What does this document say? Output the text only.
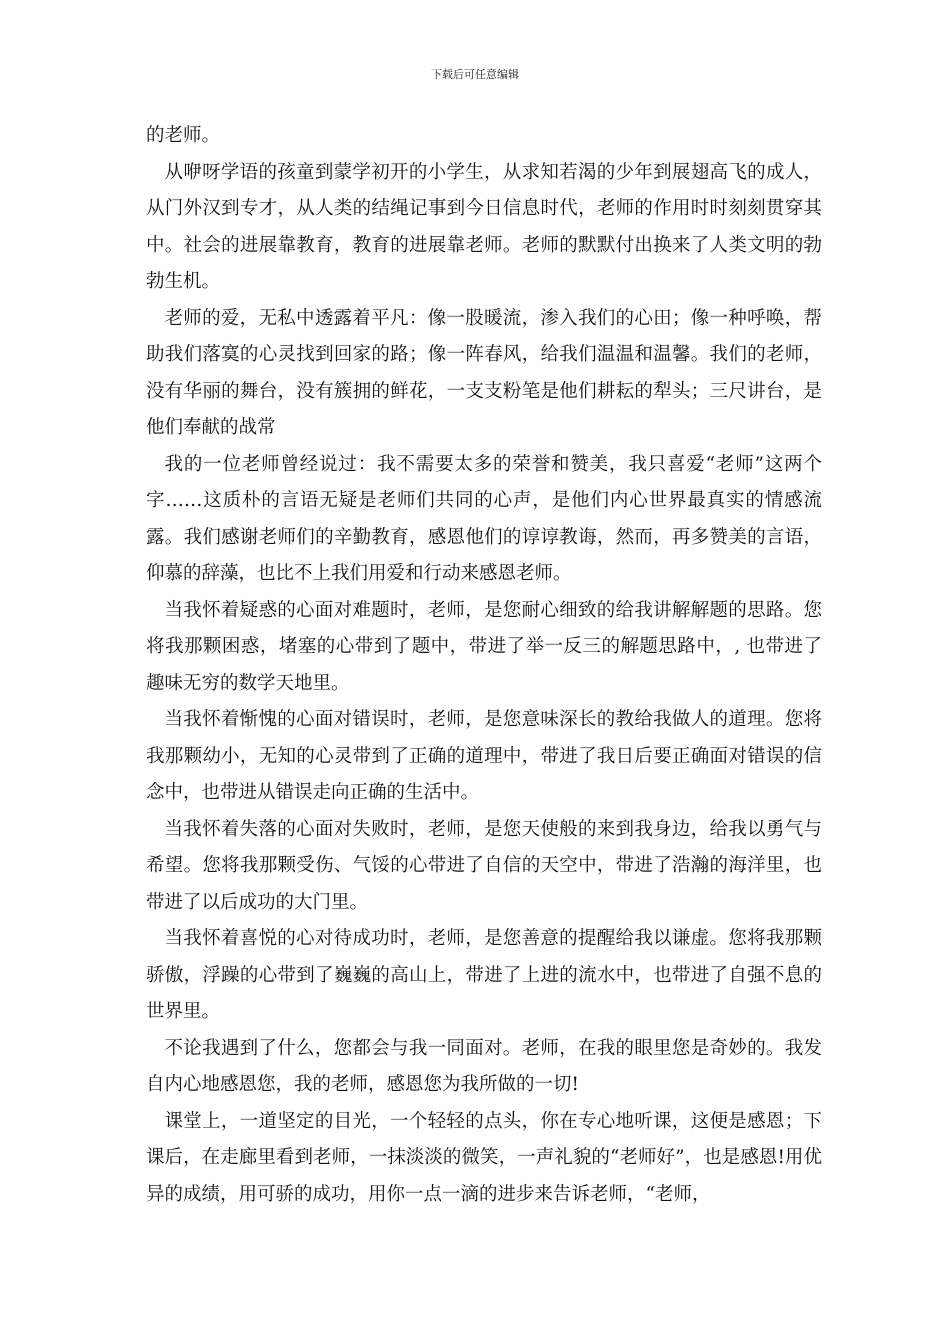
下载后可任意编辑

的老师。

从咿呀学语的孩童到蒙学初开的小学生，从求知若渴的少年到展翅高飞的成人，从门外汉到专才，从人类的结绳记事到今日信息时代，老师的作用时时刻刻贯穿其中。社会的进展靠教育，教育的进展靠老师。老师的默默付出换来了人类文明的勃勃生机。

老师的爱，无私中透露着平凡：像一股暖流，渗入我们的心田；像一种呼唤，帮助我们落寞的心灵找到回家的路；像一阵春风，给我们温温和温馨。我们的老师，没有华丽的舞台，没有簇拥的鲜花，一支支粉笔是他们耕耘的犁头；三尺讲台，是他们奉献的战常

我的一位老师曾经说过：我不需要太多的荣誉和赞美，我只喜爱“老师”这两个字……这质朴的言语无疑是老师们共同的心声，是他们内心世界最真实的情感流露。我们感谢老师们的辛勤教育，感恩他们的谆谆教诲，然而，再多赞美的言语，仰慕的辞藻，也比不上我们用爱和行动来感恩老师。

当我怀着疑惑的心面对难题时，老师，是您耐心细致的给我讲解解题的思路。您将我那颗困惑，堵塞的心带到了题中，带进了举一反三的解题思路中，, 也带进了趣味无穷的数学天地里。

当我怀着惭愧的心面对错误时，老师，是您意味深长的教给我做人的道理。您将我那颗幼小，无知的心灵带到了正确的道理中，带进了我日后要正确面对错误的信念中，也带进从错误走向正确的生活中。

当我怀着失落的心面对失败时，老师，是您天使般的来到我身边，给我以勇气与希望。您将我那颗受伤、气馁的心带进了自信的天空中，带进了浩瀚的海洋里，也带进了以后成功的大门里。

当我怀着喜悦的心对待成功时，老师，是您善意的提醒给我以谦虚。您将我那颗骄傲，浮躁的心带到了巍巍的高山上，带进了上进的流水中，也带进了自强不息的世界里。

不论我遇到了什么，您都会与我一同面对。老师，在我的眼里您是奇妙的。我发自内心地感恩您，我的老师，感恩您为我所做的一切!

课堂上，一道坚定的目光，一个轻轻的点头，你在专心地听课，这便是感恩；下课后，在走廊里看到老师，一抹淡淡的微笑，一声礼貌的“老师好”，也是感恩!用优异的成绩，用可骄的成功，用你一点一滴的进步来告诉老师，“老师，
